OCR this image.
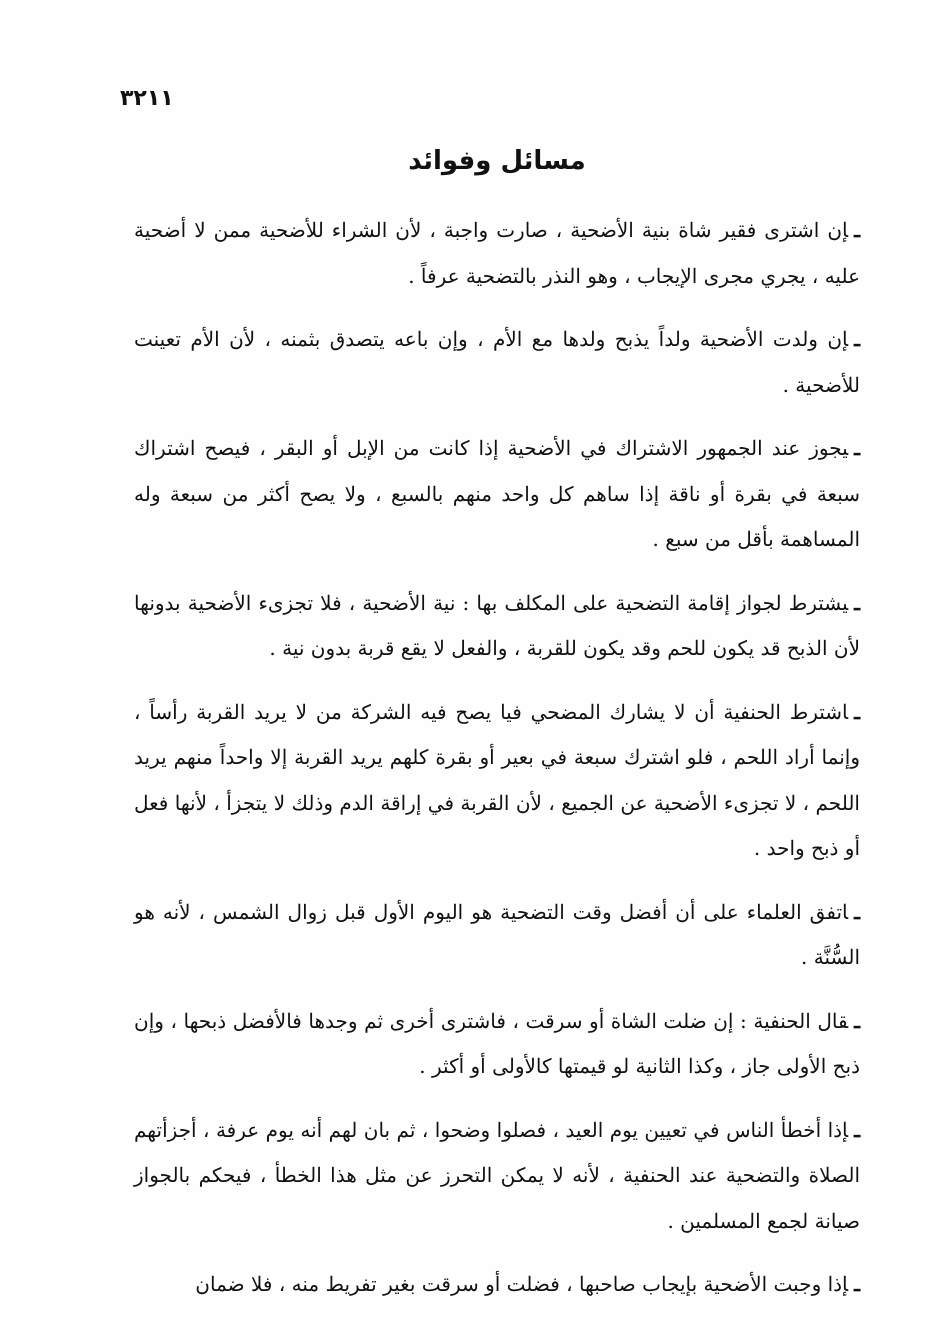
٣٢١١
مسائل وفوائد

ـإن اشترى فقير شاة بنية الأضحية ، صارت واجبة ، لأن الشراء للأضحية ممن لا أضحية عليه ، يجري مجرى الإيجاب ، وهو النذر بالتضحية عرفاً .

ـإن ولدت الأضحية ولداً يذبح ولدها مع الأم ، وإن باعه يتصدق بثمنه ، لأن الأم تعينت للأضحية .

ـيجوز عند الجمهور الاشتراك في الأضحية إذا كانت من الإبل أو البقر ، فيصح اشتراك سبعة في بقرة أو ناقة إذا ساهم كل واحد منهم بالسبع ، ولا يصح أكثر من سبعة وله المساهمة بأقل من سبع .

ـيشترط لجواز إقامة التضحية على المكلف بها : نية الأضحية ، فلا تجزىء الأضحية بدونها لأن الذبح قد يكون للحم وقد يكون للقربة ، والفعل لا يقع قربة بدون نية .

ـاشترط الحنفية أن لا يشارك المضحي فيا يصح فيه الشركة من لا يريد القربة رأساً ، وإنما أراد اللحم ، فلو اشترك سبعة في بعير أو بقرة كلهم يريد القربة إلا واحداً منهم يريد اللحم ، لا تجزىء الأضحية عن الجميع ، لأن القربة في إراقة الدم وذلك لا يتجزأ ، لأنها فعل أو ذبح واحد .

ـاتفق العلماء على أن أفضل وقت التضحية هو اليوم الأول قبل زوال الشمس ، لأنه هو السُّنَّة .

ـقال الحنفية : إن ضلت الشاة أو سرقت ، فاشترى أخرى ثم وجدها فالأفضل ذبحها ، وإن ذبح الأولى جاز ، وكذا الثانية لو قيمتها كالأولى أو أكثر .

ـإذا أخطأ الناس في تعيين يوم العيد ، فصلوا وضحوا ، ثم بان لهم أنه يوم عرفة ، أجزأتهم الصلاة والتضحية عند الحنفية ، لأنه لا يمكن التحرز عن مثل هذا الخطأ ، فيحكم بالجواز صيانة لجمع المسلمين .

ـإذا وجبت الأضحية بإيجاب صاحبها ، فضلت أو سرقت بغير تفريط منه ، فلا ضمان
